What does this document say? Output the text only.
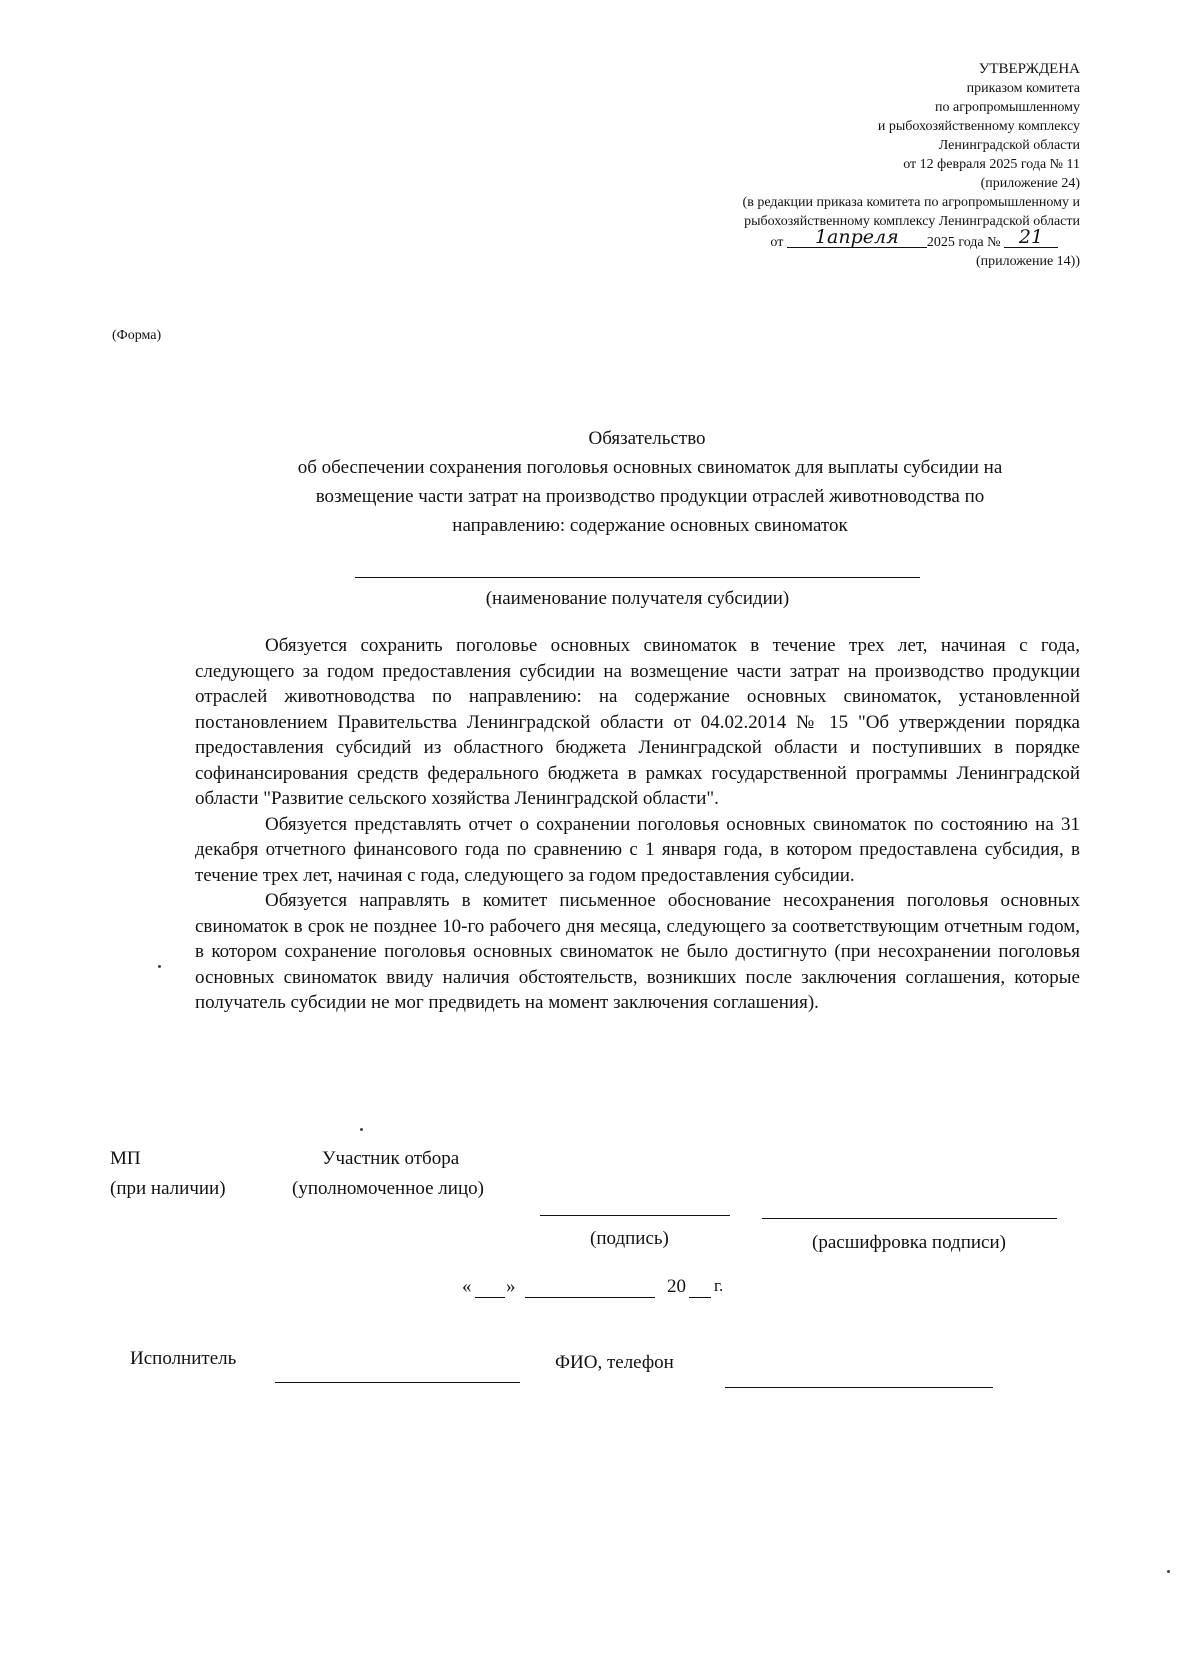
УТВЕРЖДЕНА
приказом комитета
по агропромышленному
и рыбохозяйственному комплексу
Ленинградской области
от 12 февраля 2025 года № 11
(приложение 24)
(в редакции приказа комитета по агропромышленному и
рыбохозяйственному комплексу Ленинградской области
от 1апреля 2025 года № 21
(приложение 14))
(Форма)
Обязательство
об обеспечении сохранения поголовья основных свиноматок для выплаты субсидии на
возмещение части затрат на производство продукции отраслей животноводства по
направлению: содержание основных свиноматок
(наименование получателя субсидии)

Обязуется сохранить поголовье основных свиноматок в течение трех лет, начиная с года, следующего за годом предоставления субсидии на возмещение части затрат на производство продукции отраслей животноводства по направлению: на содержание основных свиноматок, установленной постановлением Правительства Ленинградской области от 04.02.2014 № 15 "Об утверждении порядка предоставления субсидий из областного бюджета Ленинградской области и поступивших в порядке софинансирования средств федерального бюджета в рамках государственной программы Ленинградской области "Развитие сельского хозяйства Ленинградской области".

Обязуется представлять отчет о сохранении поголовья основных свиноматок по состоянию на 31 декабря отчетного финансового года по сравнению с 1 января года, в котором предоставлена субсидия, в течение трех лет, начиная с года, следующего за годом предоставления субсидии.

Обязуется направлять в комитет письменное обоснование несохранения поголовья основных свиноматок в срок не позднее 10-го рабочего дня месяца, следующего за соответствующим отчетным годом, в котором сохранение поголовья основных свиноматок не было достигнуто (при несохранении поголовья основных свиноматок ввиду наличия обстоятельств, возникших после заключения соглашения, которые получатель субсидии не мог предвидеть на момент заключения соглашения).

МП
(при наличии)
Участник отбора
(уполномоченное лицо)
(подпись)	(расшифровка подписи)
« »	20 г.
Исполнитель	ФИО, телефон
